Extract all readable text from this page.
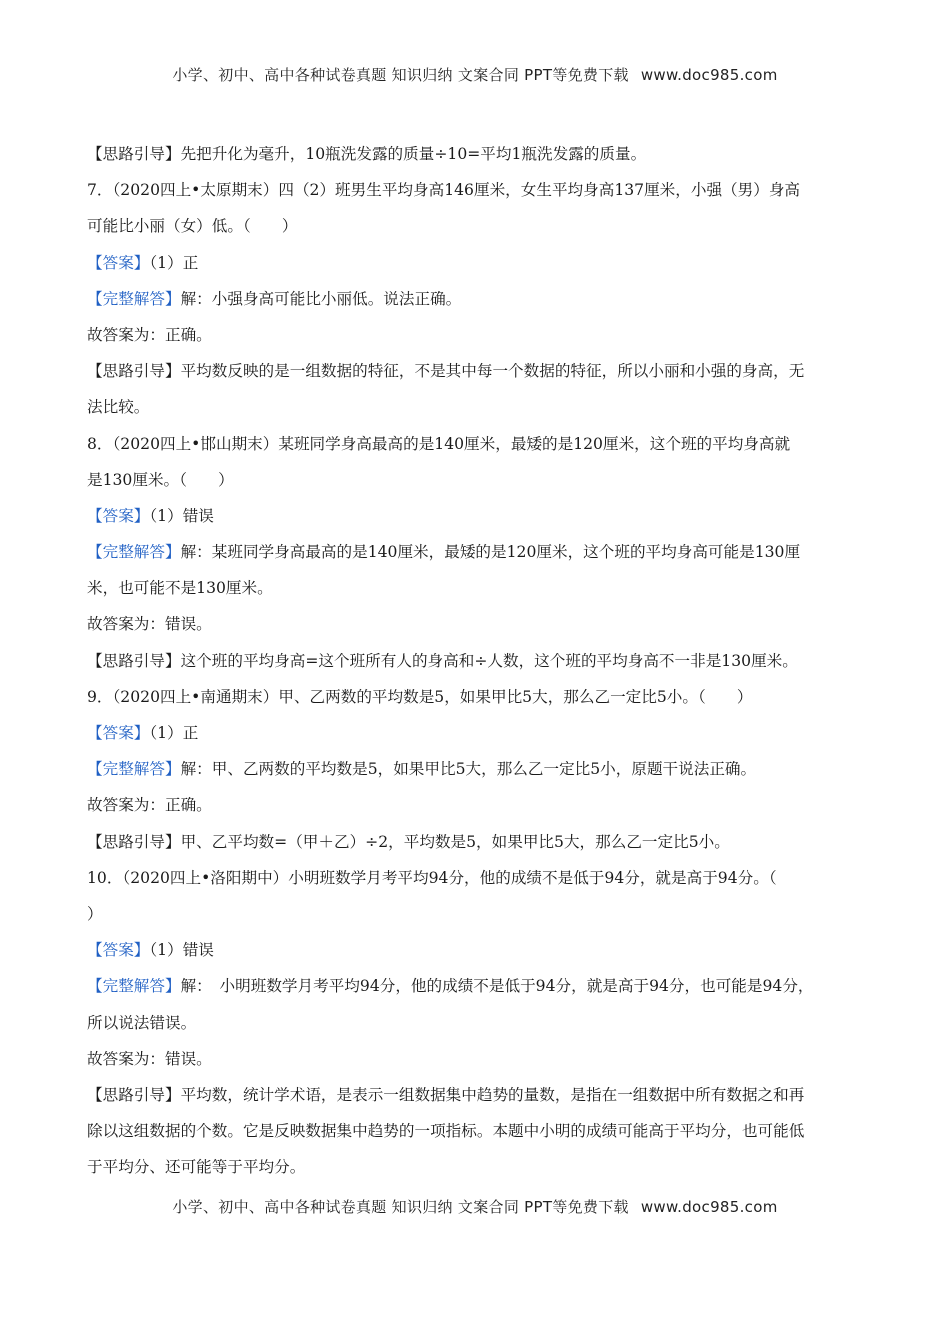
小学、初中、高中各种试卷真题 知识归纳 文案合同 PPT等免费下载 www.doc985.com
【思路引导】先把升化为毫升，10瓶洗发露的质量÷10=平均1瓶洗发露的质量。
7．（2020四上•太原期末）四（2）班男生平均身高146厘米，女生平均身高137厘米，小强（男）身高
可能比小丽（女）低。（　　）
【答案】（1）正
【完整解答】解：小强身高可能比小丽低。说法正确。
故答案为：正确。
【思路引导】平均数反映的是一组数据的特征，不是其中每一个数据的特征，所以小丽和小强的身高，无
法比较。
8．（2020四上•邯山期末）某班同学身高最高的是140厘米，最矮的是120厘米，这个班的平均身高就
是130厘米。（　　）
【答案】（1）错误
【完整解答】解：某班同学身高最高的是140厘米，最矮的是120厘米，这个班的平均身高可能是130厘
米，也可能不是130厘米。
故答案为：错误。
【思路引导】这个班的平均身高=这个班所有人的身高和÷人数，这个班的平均身高不一非是130厘米。
9．（2020四上•南通期末）甲、乙两数的平均数是5，如果甲比5大，那么乙一定比5小。（　　）
【答案】（1）正
【完整解答】解：甲、乙两数的平均数是5，如果甲比5大，那么乙一定比5小，原题干说法正确。
故答案为：正确。
【思路引导】甲、乙平均数=（甲＋乙）÷2，平均数是5，如果甲比5大，那么乙一定比5小。
10．（2020四上•洛阳期中）小明班数学月考平均94分，他的成绩不是低于94分，就是高于94分。（
）
【答案】（1）错误
【完整解答】解：　小明班数学月考平均94分，他的成绩不是低于94分，就是高于94分，也可能是94分，
所以说法错误。
故答案为：错误。
【思路引导】平均数，统计学术语，是表示一组数据集中趋势的量数，是指在一组数据中所有数据之和再
除以这组数据的个数。它是反映数据集中趋势的一项指标。本题中小明的成绩可能高于平均分，也可能低
于平均分、还可能等于平均分。
小学、初中、高中各种试卷真题 知识归纳 文案合同 PPT等免费下载 www.doc985.com
